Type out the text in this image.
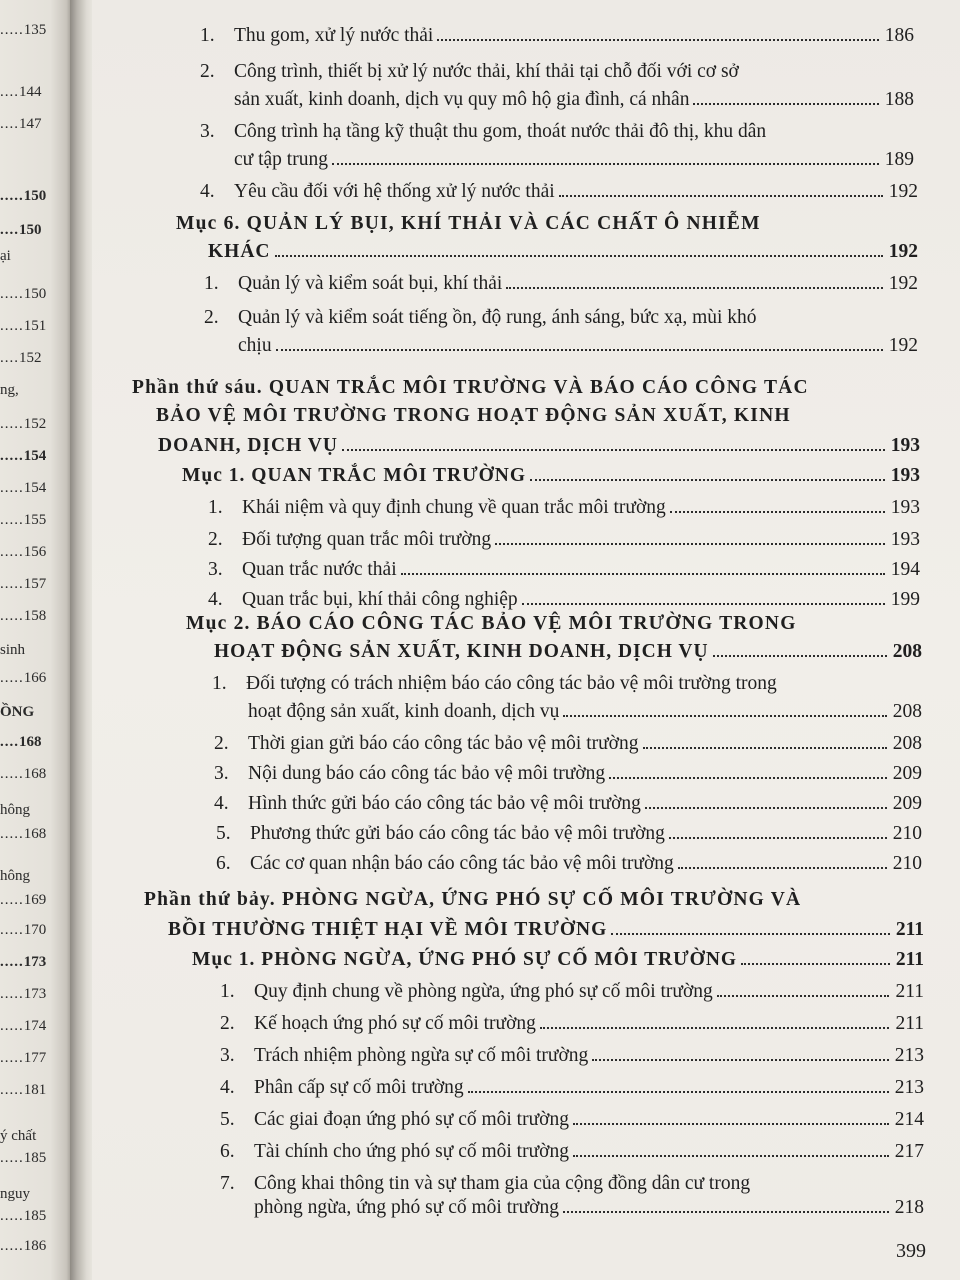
.....135
....144
....147
.....150
....150
ại
.....150
.....151
....152
ng,
.....152
.....154
.....154
.....155
.....156
.....157
.....158
sinh
.....166
ỒNG
....168
.....168
hông
.....168
hông
.....169
.....170
.....173
.....173
.....174
.....177
.....181
ý chất
.....185
nguy
.....185
.....186
1. Thu gom, xử lý nước thải	186
2. Công trình, thiết bị xử lý nước thải, khí thải tại chỗ đối với cơ sở
sản xuất, kinh doanh, dịch vụ quy mô hộ gia đình, cá nhân	188
3. Công trình hạ tầng kỹ thuật thu gom, thoát nước thải đô thị, khu dân
cư tập trung	189
4. Yêu cầu đối với hệ thống xử lý nước thải	192
Mục 6. QUẢN LÝ BỤI, KHÍ THẢI VÀ CÁC CHẤT Ô NHIỄM
KHÁC	192
1. Quản lý và kiểm soát bụi, khí thải	192
2. Quản lý và kiểm soát tiếng ồn, độ rung, ánh sáng, bức xạ, mùi khó
chịu	192
Phần thứ sáu. QUAN TRẮC MÔI TRƯỜNG VÀ BÁO CÁO CÔNG TÁC
BẢO VỆ MÔI TRƯỜNG TRONG HOẠT ĐỘNG SẢN XUẤT, KINH
DOANH, DỊCH VỤ	193
Mục 1. QUAN TRẮC MÔI TRƯỜNG	193
1. Khái niệm và quy định chung về quan trắc môi trường	193
2. Đối tượng quan trắc môi trường	193
3. Quan trắc nước thải	194
4. Quan trắc bụi, khí thải công nghiệp	199
Mục 2. BÁO CÁO CÔNG TÁC BẢO VỆ MÔI TRƯỜNG TRONG
HOẠT ĐỘNG SẢN XUẤT, KINH DOANH, DỊCH VỤ	208
1. Đối tượng có trách nhiệm báo cáo công tác bảo vệ môi trường trong
hoạt động sản xuất, kinh doanh, dịch vụ	208
2. Thời gian gửi báo cáo công tác bảo vệ môi trường	208
3. Nội dung báo cáo công tác bảo vệ môi trường	209
4. Hình thức gửi báo cáo công tác bảo vệ môi trường	209
5. Phương thức gửi báo cáo công tác bảo vệ môi trường	210
6. Các cơ quan nhận báo cáo công tác bảo vệ môi trường	210
Phần thứ bảy. PHÒNG NGỪA, ỨNG PHÓ SỰ CỐ MÔI TRƯỜNG VÀ
BỒI THƯỜNG THIỆT HẠI VỀ MÔI TRƯỜNG	211
Mục 1. PHÒNG NGỪA, ỨNG PHÓ SỰ CỐ MÔI TRƯỜNG	211
1. Quy định chung về phòng ngừa, ứng phó sự cố môi trường	211
2. Kế hoạch ứng phó sự cố môi trường	211
3. Trách nhiệm phòng ngừa sự cố môi trường	213
4. Phân cấp sự cố môi trường	213
5. Các giai đoạn ứng phó sự cố môi trường	214
6. Tài chính cho ứng phó sự cố môi trường	217
7. Công khai thông tin và sự tham gia của cộng đồng dân cư trong
phòng ngừa, ứng phó sự cố môi trường	218
399
